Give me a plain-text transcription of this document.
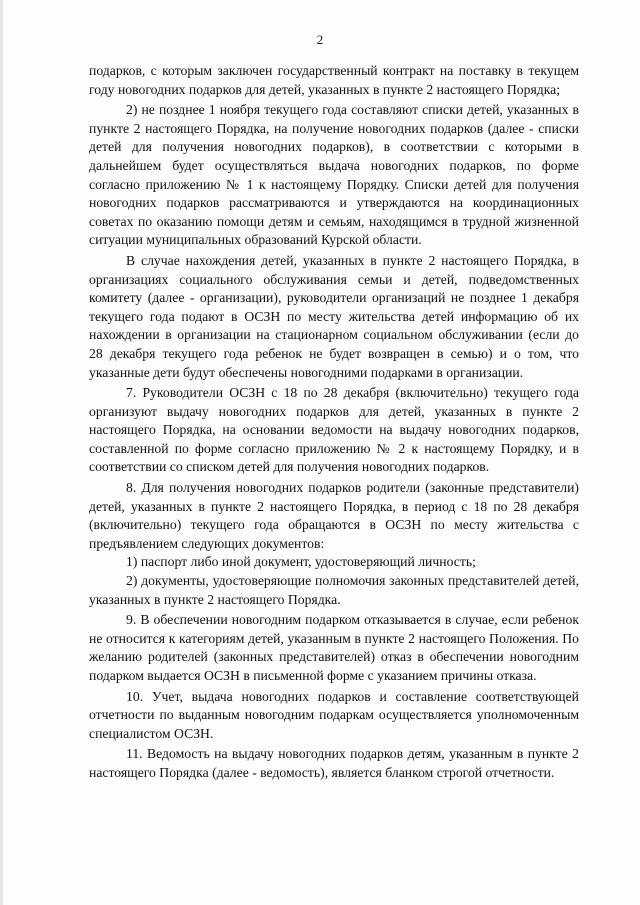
2

подарков, с которым заключен государственный контракт на поставку в текущем году новогодних подарков для детей, указанных в пункте 2 настоящего Порядка;

2) не позднее 1 ноября текущего года составляют списки детей, указанных в пункте 2 настоящего Порядка, на получение новогодних подарков (далее - списки детей для получения новогодних подарков), в соответствии с которыми в дальнейшем будет осуществляться выдача новогодних подарков, по форме согласно приложению № 1 к настоящему Порядку. Списки детей для получения новогодних подарков рассматриваются и утверждаются на координационных советах по оказанию помощи детям и семьям, находящимся в трудной жизненной ситуации муниципальных образований Курской области.

В случае нахождения детей, указанных в пункте 2 настоящего Порядка, в организациях социального обслуживания семьи и детей, подведомственных комитету (далее - организации), руководители организаций не позднее 1 декабря текущего года подают в ОСЗН по месту жительства детей информацию об их нахождении в организации на стационарном социальном обслуживании (если до 28 декабря текущего года ребенок не будет возвращен в семью) и о том, что указанные дети будут обеспечены новогодними подарками в организации.

7. Руководители ОСЗН с 18 по 28 декабря (включительно) текущего года организуют выдачу новогодних подарков для детей, указанных в пункте 2 настоящего Порядка, на основании ведомости на выдачу новогодних подарков, составленной по форме согласно приложению № 2 к настоящему Порядку, и в соответствии со списком детей для получения новогодних подарков.

8. Для получения новогодних подарков родители (законные представители) детей, указанных в пункте 2 настоящего Порядка, в период с 18 по 28 декабря (включительно) текущего года обращаются в ОСЗН по месту жительства с предъявлением следующих документов:

1) паспорт либо иной документ, удостоверяющий личность;

2) документы, удостоверяющие полномочия законных представителей детей, указанных в пункте 2 настоящего Порядка.

9. В обеспечении новогодним подарком отказывается в случае, если ребенок не относится к категориям детей, указанным в пункте 2 настоящего Положения. По желанию родителей (законных представителей) отказ в обеспечении новогодним подарком выдается ОСЗН в письменной форме с указанием причины отказа.

10. Учет, выдача новогодних подарков и составление соответствующей отчетности по выданным новогодним подаркам осуществляется уполномоченным специалистом ОСЗН.

11. Ведомость на выдачу новогодних подарков детям, указанным в пункте 2 настоящего Порядка (далее - ведомость), является бланком строгой отчетности.
